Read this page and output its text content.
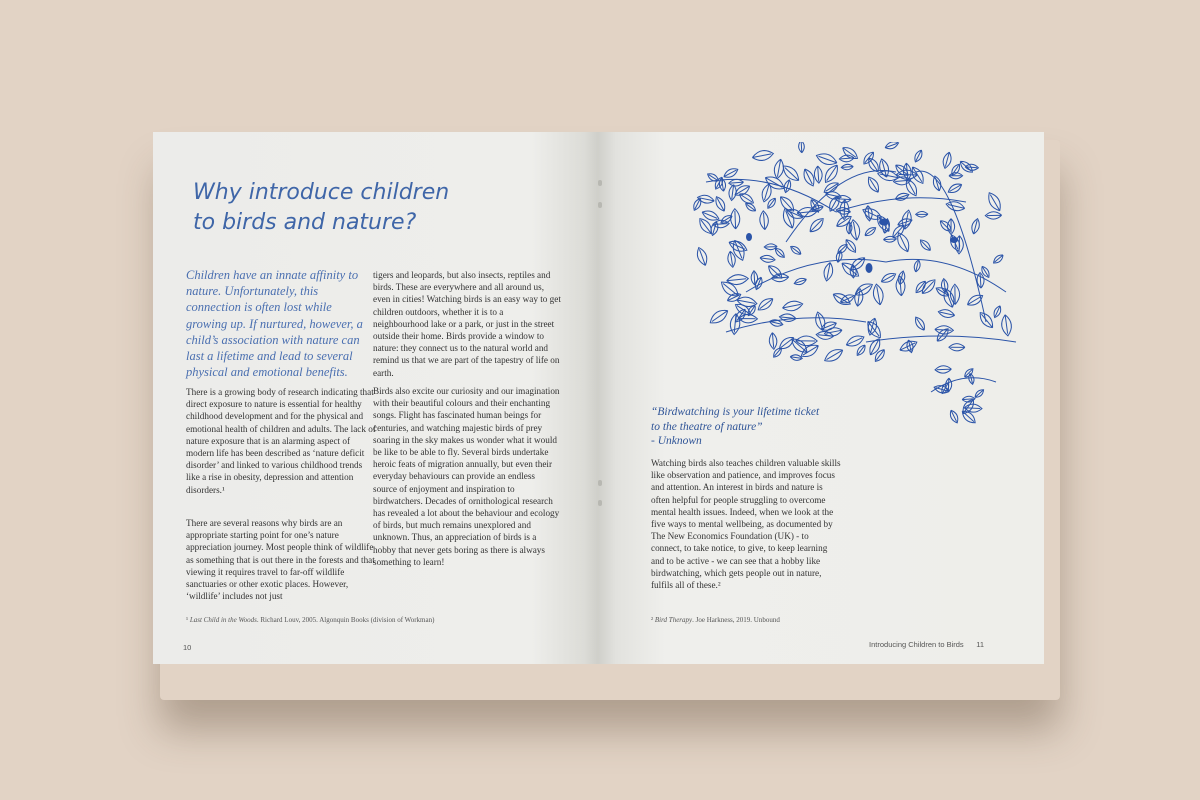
Why introduce children
to birds and nature?

Children have an innate affinity to nature. Unfortunately, this connection is often lost while growing up. If nurtured, however, a child’s association with nature can last a lifetime and lead to several physical and emotional benefits.

There is a growing body of research indicating that direct exposure to nature is essential for healthy childhood development and for the physical and emotional health of children and adults. The lack of nature exposure that is an alarming aspect of modern life has been described as ‘nature deficit disorder’ and linked to various childhood trends like a rise in obesity, depression and attention disorders.¹

There are several reasons why birds are an appropriate starting point for one’s nature appreciation journey. Most people think of wildlife as something that is out there in the forests and that viewing it requires travel to far-off wildlife sanctuaries or other exotic places. However, ‘wildlife’ includes not just

tigers and leopards, but also insects, reptiles and birds. These are everywhere and all around us, even in cities! Watching birds is an easy way to get children outdoors, whether it is to a neighbourhood lake or a park, or just in the street outside their home. Birds provide a window to nature: they connect us to the natural world and remind us that we are part of the tapestry of life on earth.

Birds also excite our curiosity and our imagination with their beautiful colours and their enchanting songs. Flight has fascinated human beings for centuries, and watching majestic birds of prey soaring in the sky makes us wonder what it would be like to be able to fly. Several birds undertake heroic feats of migration annually, but even their everyday behaviours can provide an endless source of enjoyment and inspiration to birdwatchers. Decades of ornithological research has revealed a lot about the behaviour and ecology of birds, but much remains unexplored and unknown. Thus, an appreciation of birds is a hobby that never gets boring as there is always something to learn!

¹ Last Child in the Woods. Richard Louv, 2005. Algonquin Books (division of Workman)

10

“Birdwatching is your lifetime ticket
to the theatre of nature”
- Unknown

Watching birds also teaches children valuable skills like observation and patience, and improves focus and attention. An interest in birds and nature is often helpful for people struggling to overcome mental health issues. Indeed, when we look at the five ways to mental wellbeing, as documented by The New Economics Foundation (UK) - to connect, to take notice, to give, to keep learning and to be active - we can see that a hobby like birdwatching, which gets people out in nature, fulfils all of these.²

² Bird Therapy. Joe Harkness, 2019. Unbound

Introducing Children to Birds 11
